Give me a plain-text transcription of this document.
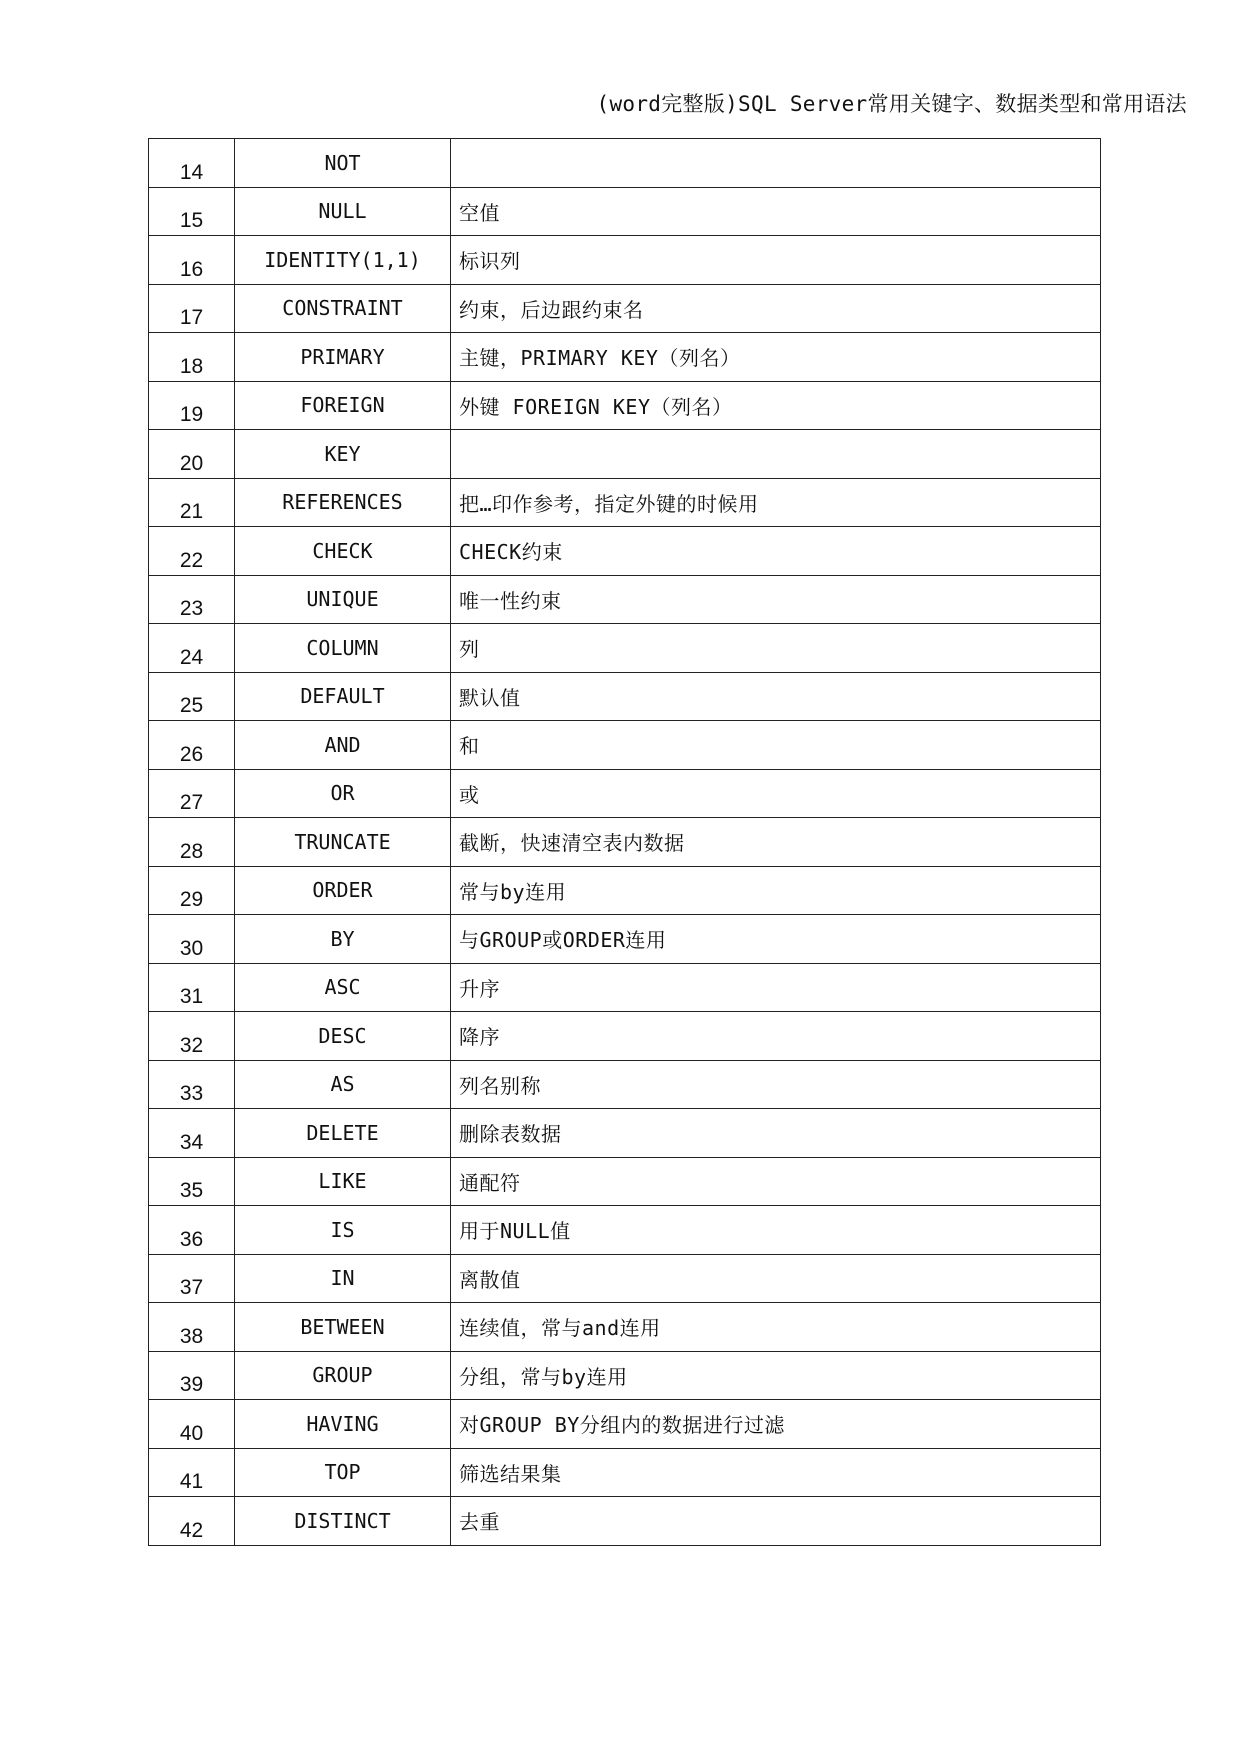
(word完整版)SQL Server常用关键字、数据类型和常用语法
14	NOT	
15	NULL	空值
16	IDENTITY(1,1)	标识列
17	CONSTRAINT	约束，后边跟约束名
18	PRIMARY	主键，PRIMARY KEY（列名）
19	FOREIGN	外键 FOREIGN KEY（列名）
20	KEY	
21	REFERENCES	把…印作参考，指定外键的时候用
22	CHECK	CHECK约束
23	UNIQUE	唯一性约束
24	COLUMN	列
25	DEFAULT	默认值
26	AND	和
27	OR	或
28	TRUNCATE	截断，快速清空表内数据
29	ORDER	常与by连用
30	BY	与GROUP或ORDER连用
31	ASC	升序
32	DESC	降序
33	AS	列名别称
34	DELETE	删除表数据
35	LIKE	通配符
36	IS	用于NULL值
37	IN	离散值
38	BETWEEN	连续值，常与and连用
39	GROUP	分组，常与by连用
40	HAVING	对GROUP BY分组内的数据进行过滤
41	TOP	筛选结果集
42	DISTINCT	去重
